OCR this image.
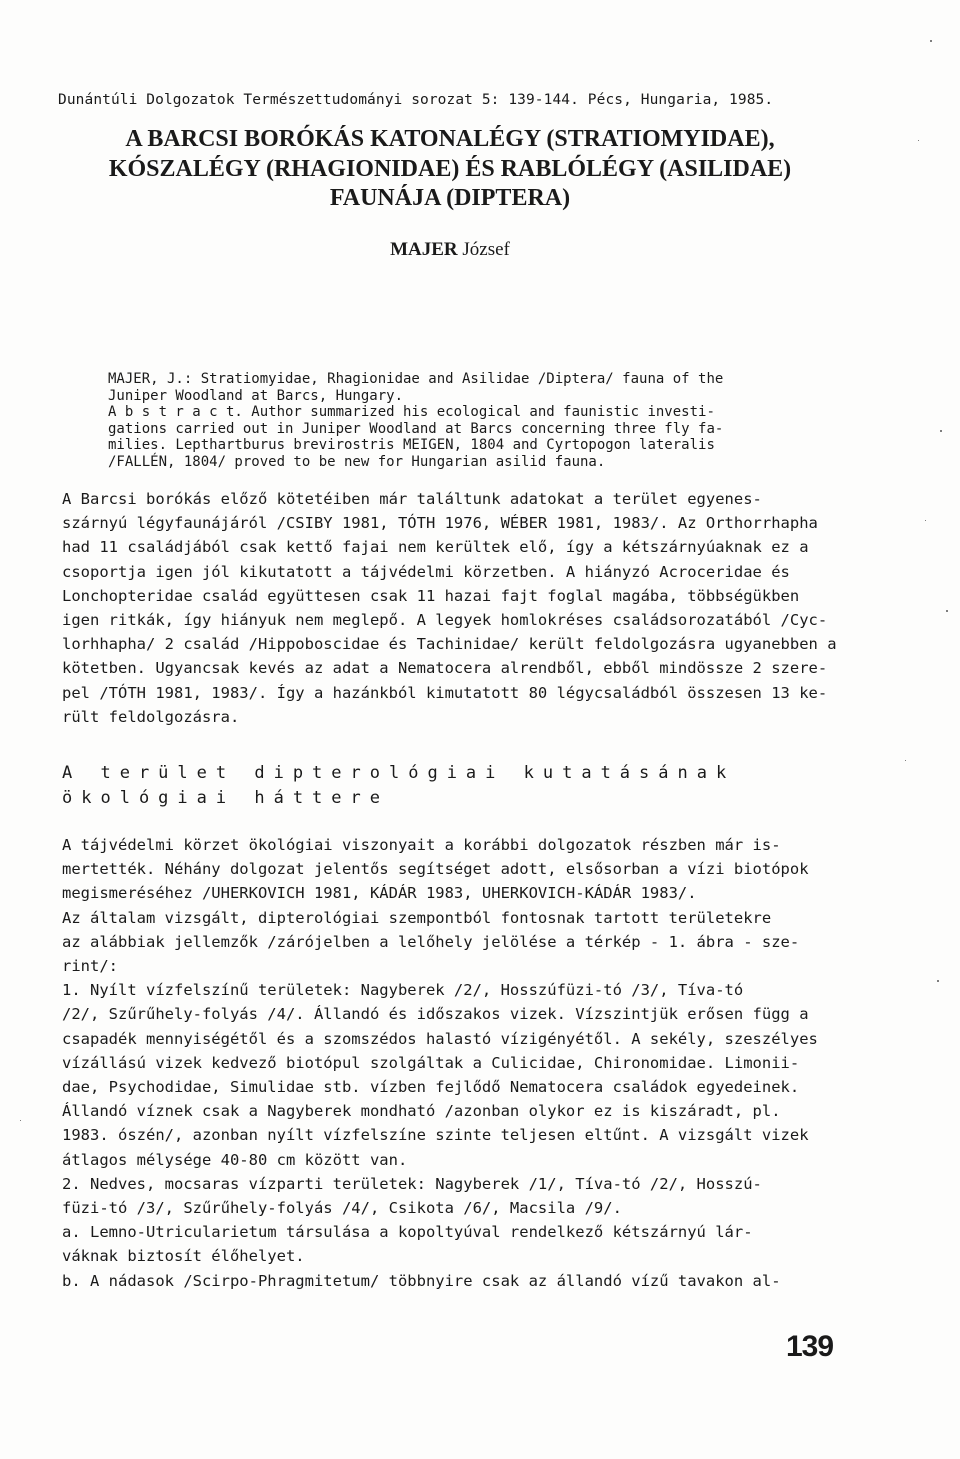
Dunántúli Dolgozatok Természettudományi sorozat 5: 139-144. Pécs, Hungaria, 1985.
A BARCSI BORÓKÁS KATONALÉGY (STRATIOMYIDAE),
KÓSZALÉGY (RHAGIONIDAE) ÉS RABLÓLÉGY (ASILIDAE)
FAUNÁJA (DIPTERA)
MAJER József
MAJER, J.: Stratiomyidae, Rhagionidae and Asilidae /Diptera/ fauna of the
Juniper Woodland at Barcs, Hungary.
A b s t r a c t. Author summarized his ecological and faunistic investi-
gations carried out in Juniper Woodland at Barcs concerning three fly fa-
milies. Lepthartburus brevirostris MEIGEN, 1804 and Cyrtopogon lateralis
/FALLÉN, 1804/ proved to be new for Hungarian asilid fauna.
A Barcsi borókás előző kötetéiben már találtunk adatokat a terület egyenes-
szárnyú légyfaunájáról /CSIBY 1981, TÓTH 1976, WÉBER 1981, 1983/. Az Orthorrhapha
had 11 családjából csak kettő fajai nem kerültek elő, így a kétszárnyúaknak ez a
csoportja igen jól kikutatott a tájvédelmi körzetben. A hiányzó Acroceridae és
Lonchopteridae család együttesen csak 11 hazai fajt foglal magába, többségükben
igen ritkák, így hiányuk nem meglepő. A legyek homlokréses családsorozatából /Cyc-
lorhhapha/ 2 család /Hippoboscidae és Tachinidae/ került feldolgozásra ugyanebben a
kötetben. Ugyancsak kevés az adat a Nematocera alrendből, ebből mindössze 2 szere-
pel /TÓTH 1981, 1983/. Így a hazánkból kimutatott 80 légycsaládból összesen 13 ke-
rült feldolgozásra.
A terület dipterológiai kutatásának
ökológiai háttere
A tájvédelmi körzet ökológiai viszonyait a korábbi dolgozatok részben már is-
mertették. Néhány dolgozat jelentős segítséget adott, elsősorban a vízi biotópok
megismeréséhez /UHERKOVICH 1981, KÁDÁR 1983, UHERKOVICH-KÁDÁR 1983/.
Az általam vizsgált, dipterológiai szempontból fontosnak tartott területekre
az alábbiak jellemzők /zárójelben a lelőhely jelölése a térkép - 1. ábra - sze-
rint/:
1. Nyílt vízfelszínű területek: Nagyberek /2/, Hosszúfüzi-tó /3/, Tíva-tó
/2/, Szűrűhely-folyás /4/. Állandó és időszakos vizek. Vízszintjük erősen függ a
csapadék mennyiségétől és a szomszédos halastó vízigényétől. A sekély, szeszélyes
vízállású vizek kedvező biotópul szolgáltak a Culicidae, Chironomidae. Limonii-
dae, Psychodidae, Simulidae stb. vízben fejlődő Nematocera családok egyedeinek.
Állandó víznek csak a Nagyberek mondható /azonban olykor ez is kiszáradt, pl.
1983. ószén/, azonban nyílt vízfelszíne szinte teljesen eltűnt. A vizsgált vizek
átlagos mélysége 40-80 cm között van.
2. Nedves, mocsaras vízparti területek: Nagyberek /1/, Tíva-tó /2/, Hosszú-
füzi-tó /3/, Szűrűhely-folyás /4/, Csikota /6/, Macsila /9/.
a. Lemno-Utricularietum társulása a kopoltyúval rendelkező kétszárnyú lár-
váknak biztosít élőhelyet.
b. A nádasok /Scirpo-Phragmitetum/ többnyire csak az állandó vízű tavakon al-
139
